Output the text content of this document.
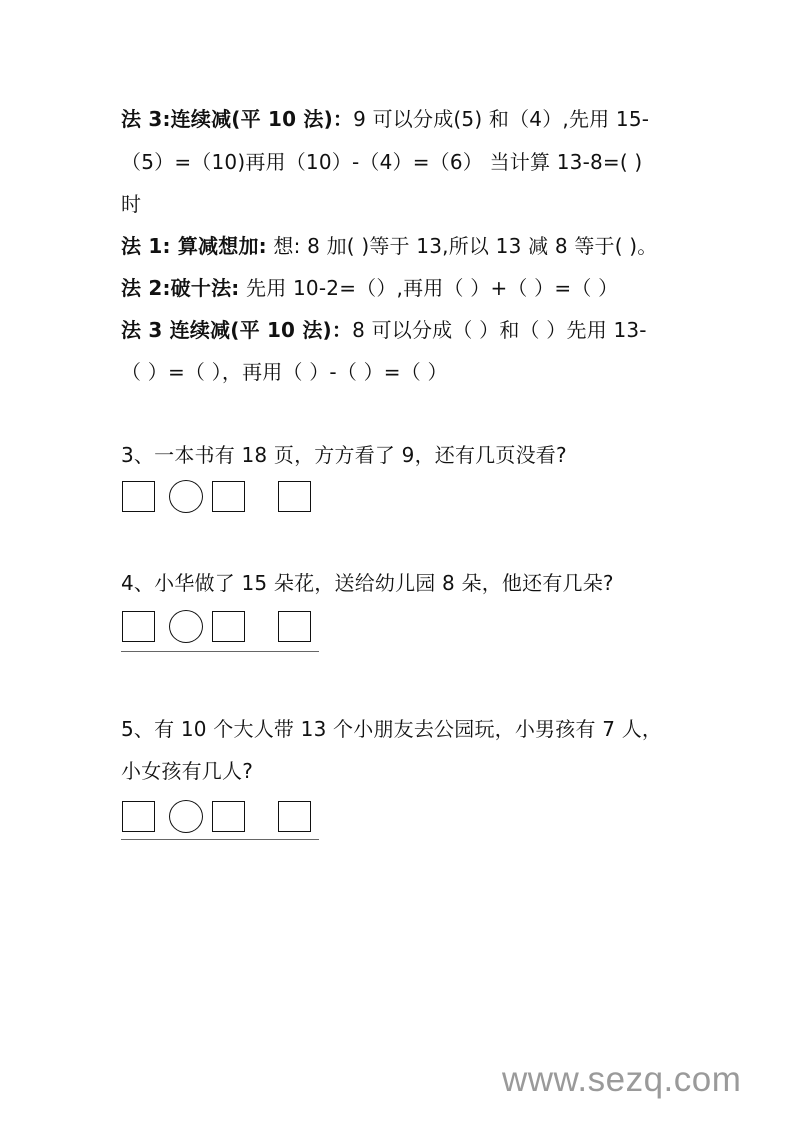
法 3:连续减(平 10 法)：9 可以分成(5) 和（4）,先用 15-
（5）=（10)再用（10）-（4）=（6） 当计算 13-8=( )
时
法 1: 算减想加: 想: 8 加( )等于 13,所以 13 减 8 等于( )。
法 2:破十法: 先用 10-2=（）,再用（ ）+（ ）=（ ）
法 3 连续减(平 10 法)：8 可以分成（ ）和（ ）先用 13-
（ ）=（ ），再用（ ）-（ ）=（ ）
3、一本书有 18 页，方方看了 9，还有几页没看?
4、小华做了 15 朵花，送给幼儿园 8 朵，他还有几朵?
5、有 10 个大人带 13 个小朋友去公园玩，小男孩有 7 人，
小女孩有几人?
www.sezq.com
